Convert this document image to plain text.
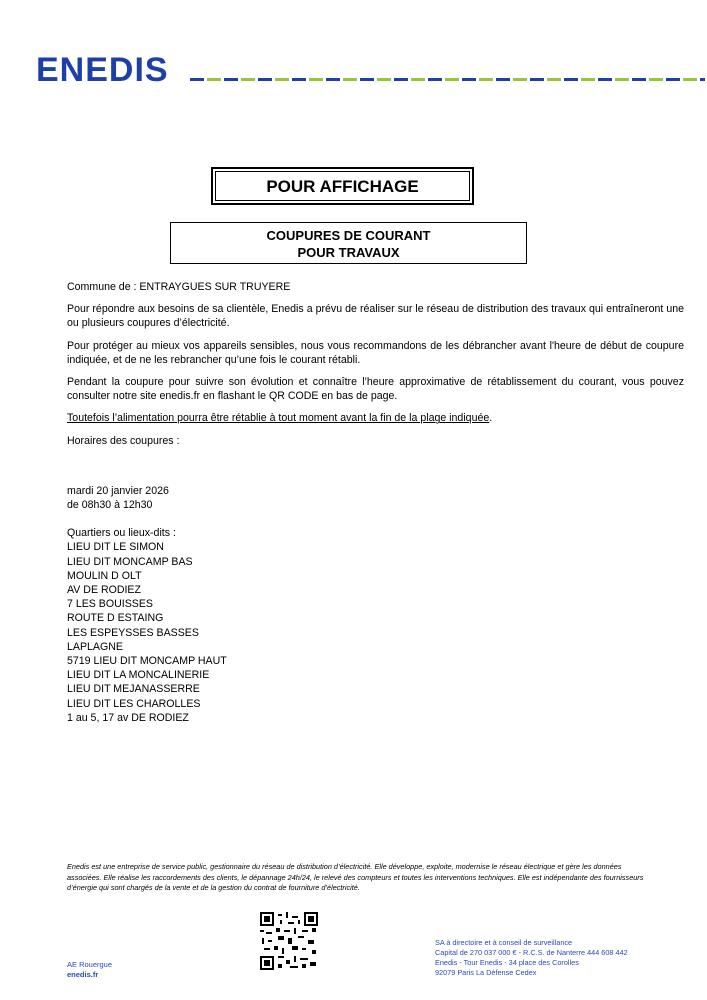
ENEDIS
POUR AFFICHAGE
COUPURES DE COURANT
POUR TRAVAUX

Commune de : ENTRAYGUES SUR TRUYERE

Pour répondre aux besoins de sa clientèle, Enedis a prévu de réaliser sur le réseau de distribution des travaux qui entraîneront une ou plusieurs coupures d’électricité.

Pour protéger au mieux vos appareils sensibles, nous vous recommandons de les débrancher avant l'heure de début de coupure indiquée, et de ne les rebrancher qu’une fois le courant rétabli.

Pendant la coupure pour suivre son évolution et connaître l’heure approximative de rétablissement du courant, vous pouvez consulter notre site enedis.fr en flashant le QR CODE en bas de page.

Toutefois l’alimentation pourra être rétablie à tout moment avant la fin de la plage indiquée.

Horaires des coupures :

mardi 20 janvier 2026
de 08h30 à 12h30
Quartiers ou lieux-dits :
LIEU DIT LE SIMON
LIEU DIT MONCAMP BAS
MOULIN D OLT
AV DE RODIEZ
7 LES BOUISSES
ROUTE D ESTAING
LES ESPEYSSES BASSES
LAPLAGNE
5719 LIEU DIT MONCAMP HAUT
LIEU DIT LA MONCALINERIE
LIEU DIT MEJANASSERRE
LIEU DIT LES CHAROLLES
1 au 5, 17 av DE RODIEZ
Enedis est une entreprise de service public, gestionnaire du réseau de distribution d’électricité. Elle développe, exploite, modernise le réseau électrique et gère les données associées. Elle réalise les raccordements des clients, le dépannage 24h/24, le relevé des compteurs et toutes les interventions techniques. Elle est indépendante des fournisseurs d’énergie qui sont chargés de la vente et de la gestion du contrat de fourniture d’électricité.
AE Rouergue
enedis.fr
SA à directoire et à conseil de surveillance
Capital de 270 037 000 € - R.C.S. de Nanterre 444 608 442
Enedis - Tour Enedis - 34 place des Corolles
92079 Paris La Défense Cedex
